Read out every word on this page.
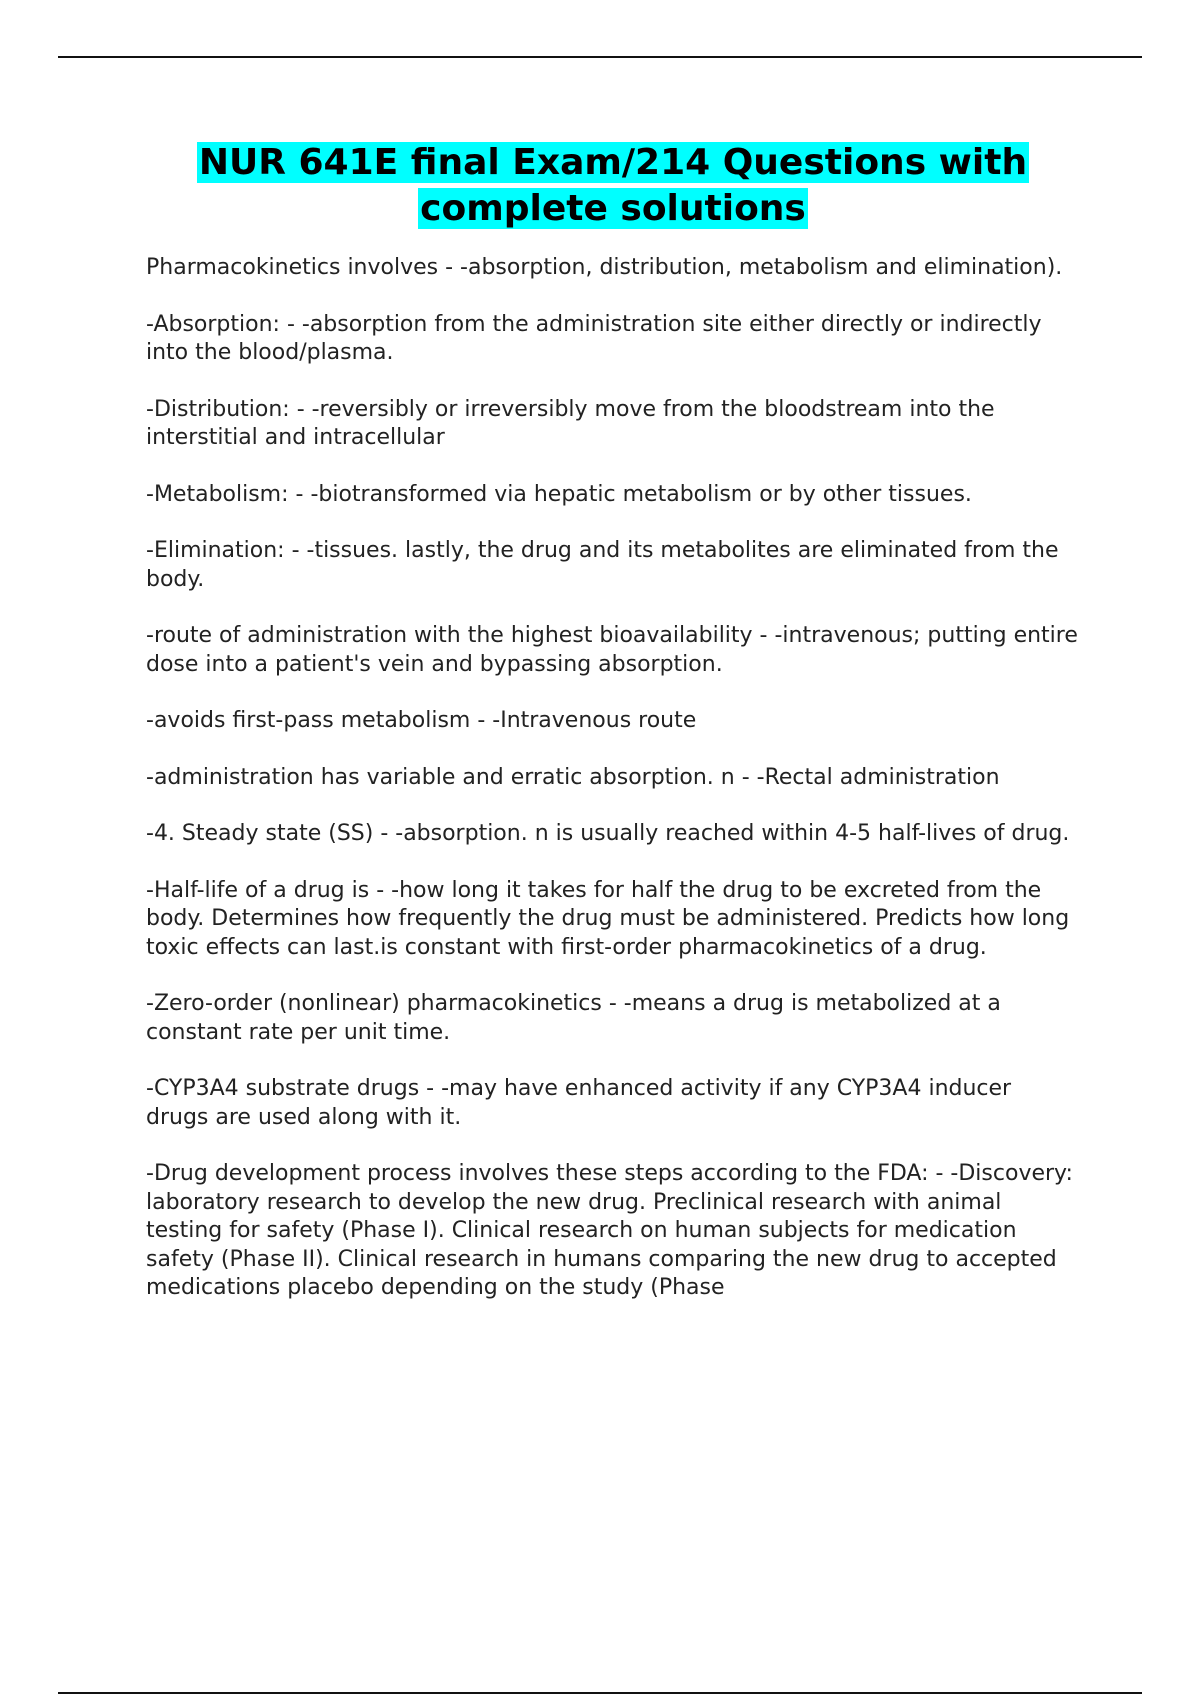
NUR 641E final Exam/214 Questions with
complete solutions

Pharmacokinetics involves - -absorption, distribution, metabolism and elimination).

-Absorption: - -absorption from the administration site either directly or indirectly into the blood/plasma.

-Distribution: - -reversibly or irreversibly move from the bloodstream into the interstitial and intracellular

-Metabolism: - -biotransformed via hepatic metabolism or by other tissues.

-Elimination: - -tissues. lastly, the drug and its metabolites are eliminated from the body.

-route of administration with the highest bioavailability - -intravenous; putting entire dose into a patient's vein and bypassing absorption.

-avoids first-pass metabolism - -Intravenous route

-administration has variable and erratic absorption. n - -Rectal administration

-4. Steady state (SS) - -absorption. n is usually reached within 4-5 half-lives of drug.

-Half-life of a drug is - -how long it takes for half the drug to be excreted from the body. Determines how frequently the drug must be administered. Predicts how long toxic effects can last.is constant with first-order pharmacokinetics of a drug.

-Zero-order (nonlinear) pharmacokinetics - -means a drug is metabolized at a constant rate per unit time.

-CYP3A4 substrate drugs - -may have enhanced activity if any CYP3A4 inducer drugs are used along with it.

-Drug development process involves these steps according to the FDA: - -Discovery: laboratory research to develop the new drug. Preclinical research with animal testing for safety (Phase I). Clinical research on human subjects for medication safety (Phase II). Clinical research in humans comparing the new drug to accepted medications placebo depending on the study (Phase
